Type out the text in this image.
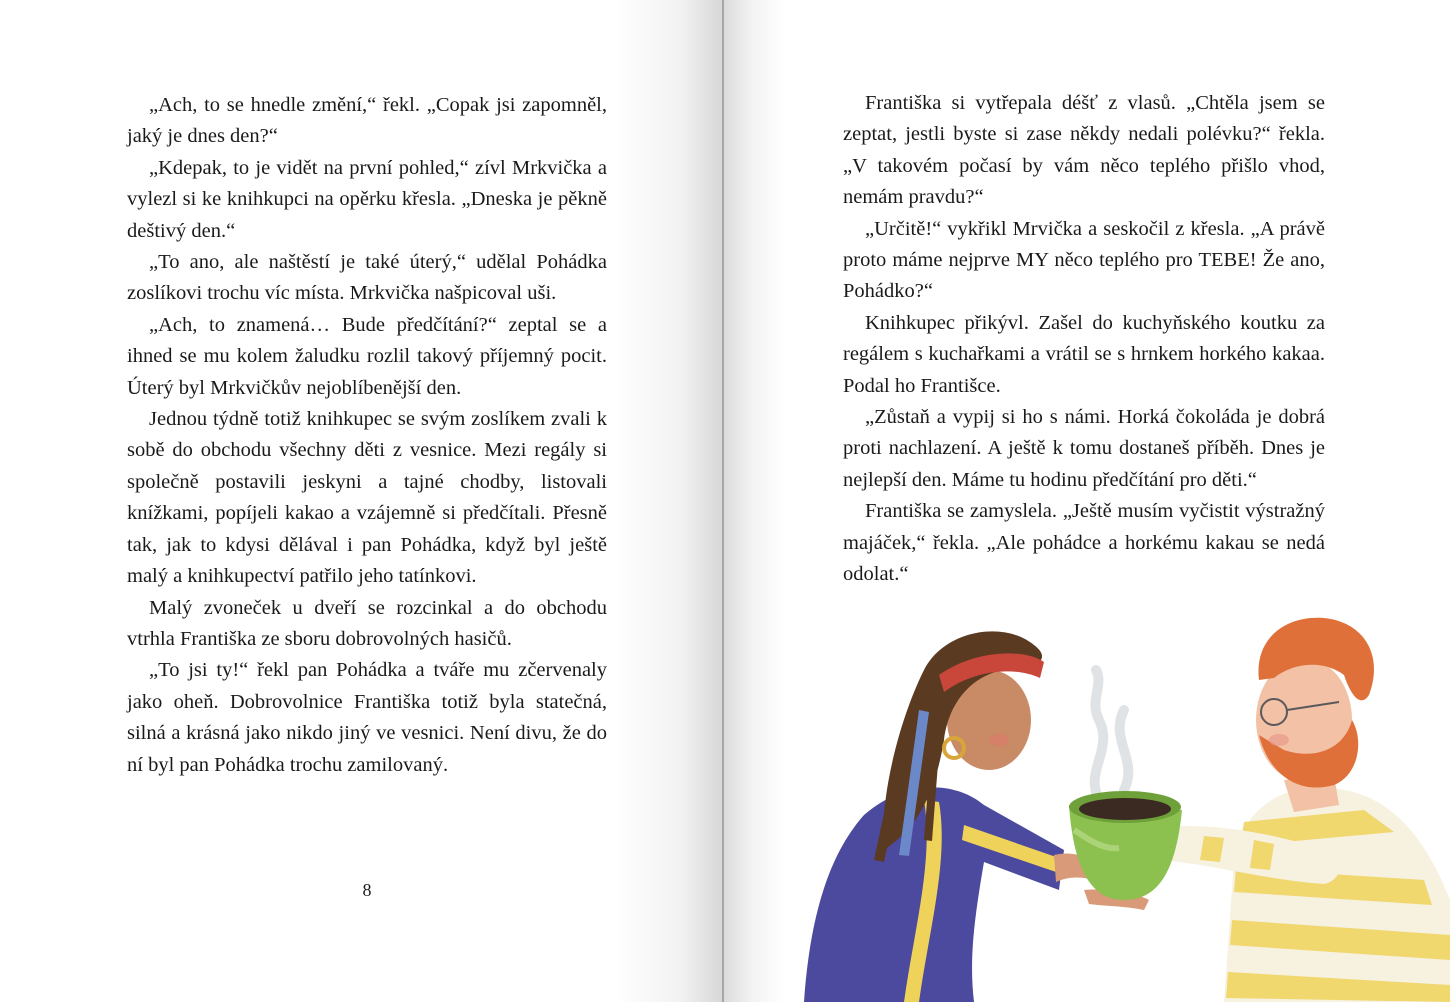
„Ach, to se hnedle změní,“ řekl. „Copak jsi zapomněl, jaký je dnes den?“

„Kdepak, to je vidět na první pohled,“ zívl Mrkvička a vylezl si ke knihkupci na opěrku křesla. „Dneska je pěkně deštivý den.“

„To ano, ale naštěstí je také úterý,“ udělal Pohádka zoslíkovi trochu víc místa. Mrkvička našpicoval uši.

„Ach, to znamená… Bude předčítání?“ zeptal se a ihned se mu kolem žaludku rozlil takový příjemný pocit. Úterý byl Mrkvičkův nejoblíbenější den.

Jednou týdně totiž knihkupec se svým zoslíkem zvali k sobě do obchodu všechny děti z vesnice. Mezi regály si společně postavili jeskyni a tajné chodby, listovali knížkami, popíjeli kakao a vzájemně si předčítali. Přesně tak, jak to kdysi dělával i pan Pohádka, když byl ještě malý a knihkupectví patřilo jeho tatínkovi.

Malý zvoneček u dveří se rozcinkal a do obchodu vtrhla Františka ze sboru dobrovolných hasičů.

„To jsi ty!“ řekl pan Pohádka a tváře mu zčervenaly jako oheň. Dobrovolnice Františka totiž byla statečná, silná a krásná jako nikdo jiný ve vesnici. Není divu, že do ní byl pan Pohádka trochu zamilovaný.

8

Františka si vytřepala déšť z vlasů. „Chtěla jsem se zeptat, jestli byste si zase někdy nedali polévku?“ řekla. „V takovém počasí by vám něco teplého přišlo vhod, nemám pravdu?“

„Určitě!“ vykřikl Mrvička a seskočil z křesla. „A právě proto máme nejprve MY něco teplého pro TEBE! Že ano, Pohádko?“

Knihkupec přikývl. Zašel do kuchyňského koutku za regálem s kuchařkami a vrátil se s hrnkem horkého kakaa. Podal ho Františce.

„Zůstaň a vypij si ho s námi. Horká čokoláda je dobrá proti nachlazení. A ještě k tomu dostaneš příběh. Dnes je nejlepší den. Máme tu hodinu předčítání pro děti.“

Františka se zamyslela. „Ještě musím vyčistit výstražný majáček,“ řekla. „Ale pohádce a horkému kakau se nedá odolat.“
